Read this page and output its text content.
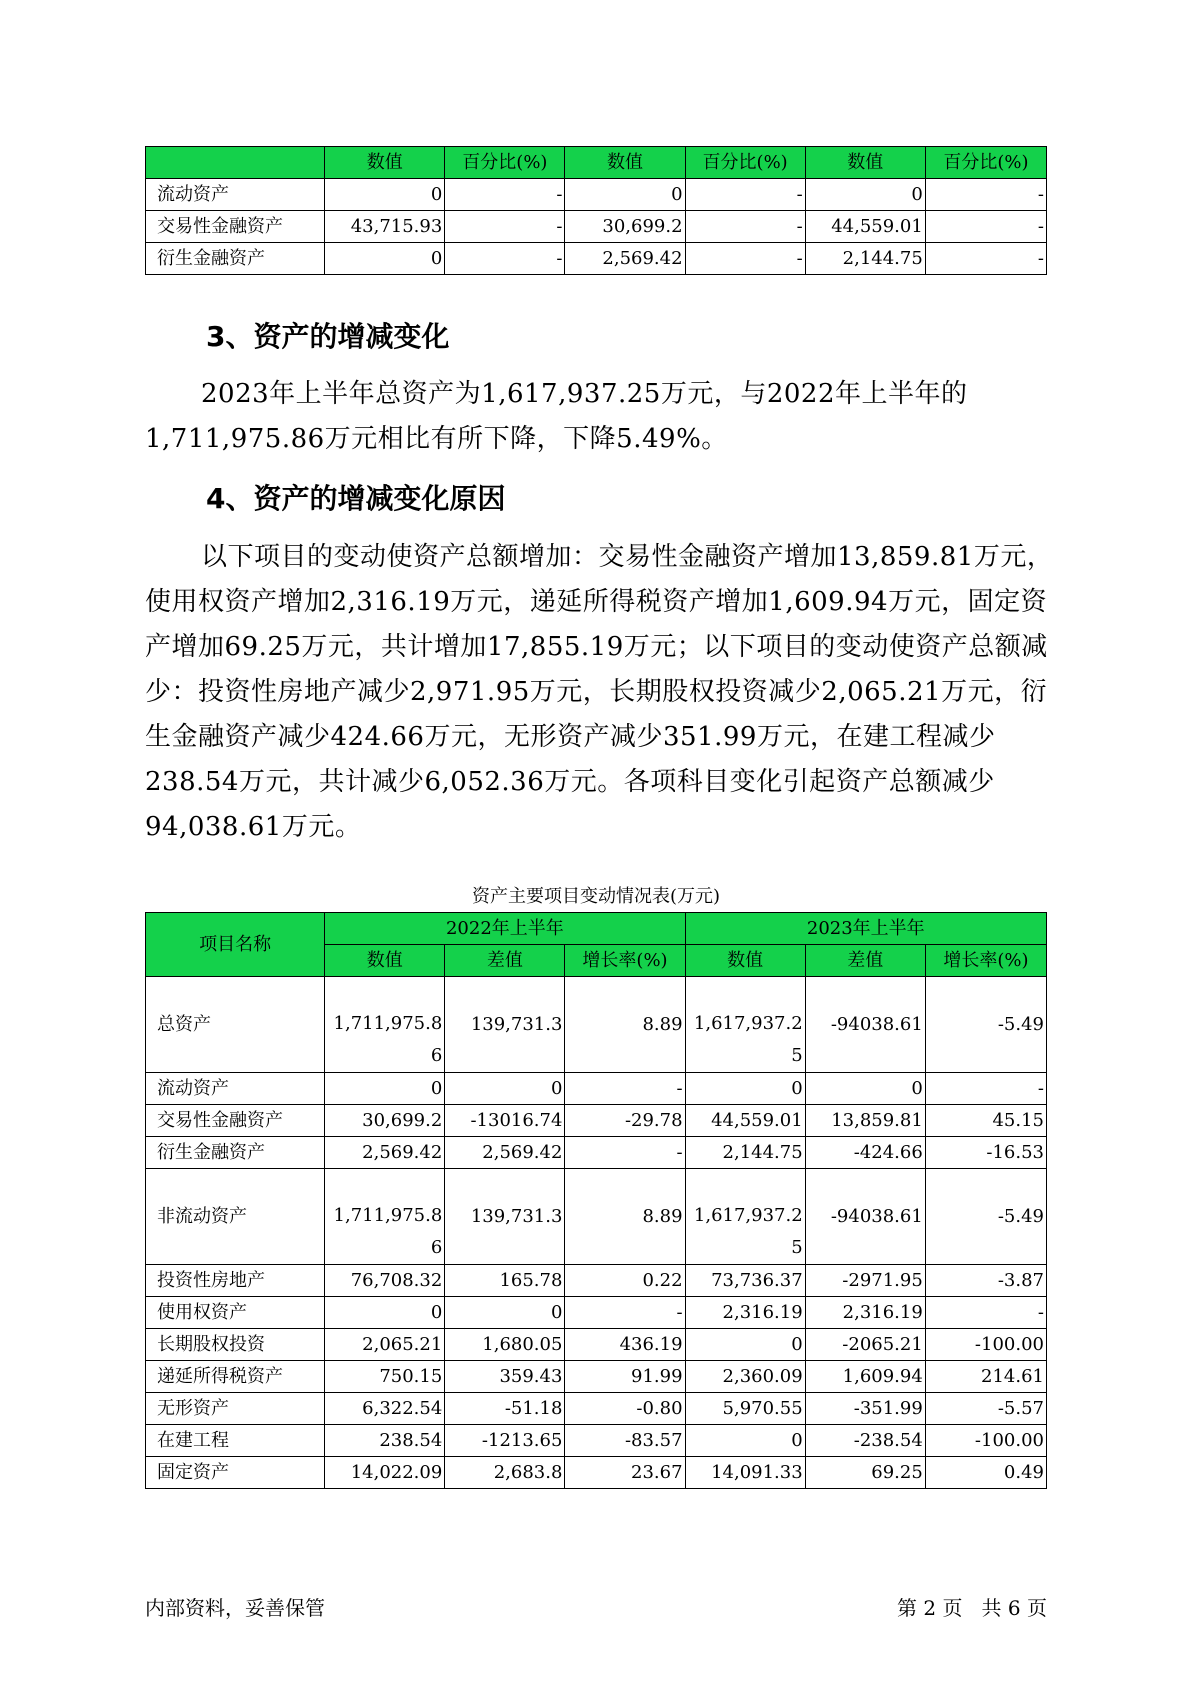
	数值	百分比(%)	数值	百分比(%)	数值	百分比(%)
流动资产	0	-	0	-	0	-
交易性金融资产	43,715.93	-	30,699.2	-	44,559.01	-
衍生金融资产	0	-	2,569.42	-	2,144.75	-
3、资产的增减变化

2023年上半年总资产为1,617,937.25万元，与2022年上半年的1,711,975.86万元相比有所下降，下降5.49%。

4、资产的增减变化原因

以下项目的变动使资产总额增加：交易性金融资产增加13,859.81万元，使用权资产增加2,316.19万元，递延所得税资产增加1,609.94万元，固定资产增加69.25万元，共计增加17,855.19万元；以下项目的变动使资产总额减少：投资性房地产减少2,971.95万元，长期股权投资减少2,065.21万元，衍生金融资产减少424.66万元，无形资产减少351.99万元，在建工程减少238.54万元，共计减少6,052.36万元。各项科目变化引起资产总额减少94,038.61万元。

资产主要项目变动情况表(万元)
项目名称	2022年上半年			2023年上半年		
	数值	差值	增长率(%)	数值	差值	增长率(%)
总资产	1,711,975.86	139,731.3	8.89	1,617,937.25	-94038.61	-5.49
流动资产	0	0	-	0	0	-
交易性金融资产	30,699.2	-13016.74	-29.78	44,559.01	13,859.81	45.15
衍生金融资产	2,569.42	2,569.42	-	2,144.75	-424.66	-16.53
非流动资产	1,711,975.86	139,731.3	8.89	1,617,937.25	-94038.61	-5.49
投资性房地产	76,708.32	165.78	0.22	73,736.37	-2971.95	-3.87
使用权资产	0	0	-	2,316.19	2,316.19	-
长期股权投资	2,065.21	1,680.05	436.19	0	-2065.21	-100.00
递延所得税资产	750.15	359.43	91.99	2,360.09	1,609.94	214.61
无形资产	6,322.54	-51.18	-0.80	5,970.55	-351.99	-5.57
在建工程	238.54	-1213.65	-83.57	0	-238.54	-100.00
固定资产	14,022.09	2,683.8	23.67	14,091.33	69.25	0.49
内部资料，妥善保管	第 2 页   共 6 页
